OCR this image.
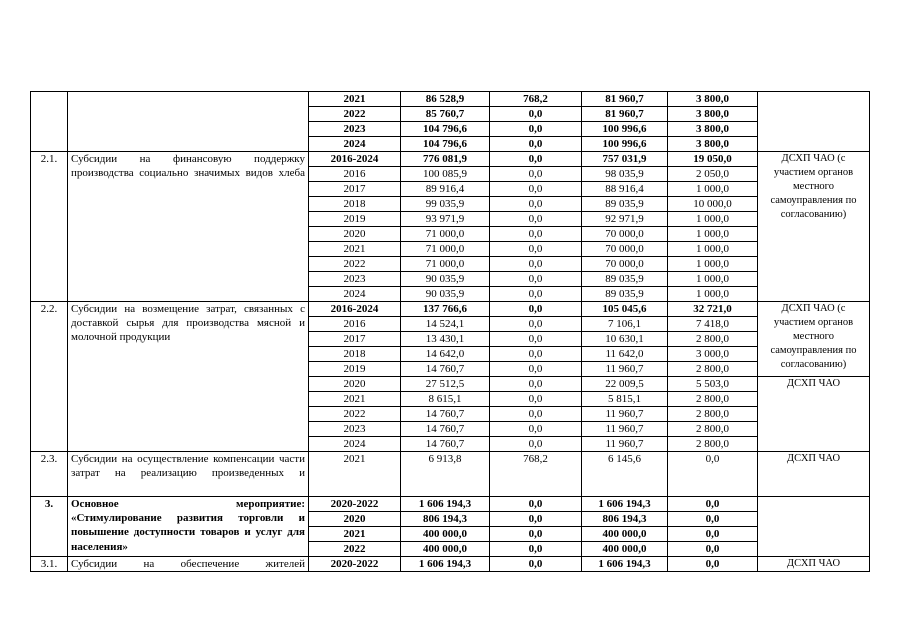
		2021	86 528,9	768,2	81 960,7	3 800,0	
		2022	85 760,7	0,0	81 960,7	3 800,0	
		2023	104 796,6	0,0	100 996,6	3 800,0	
		2024	104 796,6	0,0	100 996,6	3 800,0	
2.1.	Субсидии на финансовую поддержку производства социально значимых видов хлеба	2016-2024	776 081,9	0,0	757 031,9	19 050,0	ДСХП ЧАО (с участием органов местного самоуправления по согласованию)
		2016	100 085,9	0,0	98 035,9	2 050,0	
		2017	89 916,4	0,0	88 916,4	1 000,0	
		2018	99 035,9	0,0	89 035,9	10 000,0	
		2019	93 971,9	0,0	92 971,9	1 000,0	
		2020	71 000,0	0,0	70 000,0	1 000,0	
		2021	71 000,0	0,0	70 000,0	1 000,0	
		2022	71 000,0	0,0	70 000,0	1 000,0	
		2023	90 035,9	0,0	89 035,9	1 000,0	
		2024	90 035,9	0,0	89 035,9	1 000,0	
2.2.	Субсидии на возмещение затрат, связанных с доставкой сырья для производства мясной и молочной продукции	2016-2024	137 766,6	0,0	105 045,6	32 721,0	ДСХП ЧАО (с участием органов местного самоуправления по согласованию)
		2016	14 524,1	0,0	7 106,1	7 418,0	
		2017	13 430,1	0,0	10 630,1	2 800,0	
		2018	14 642,0	0,0	11 642,0	3 000,0	
		2019	14 760,7	0,0	11 960,7	2 800,0	
		2020	27 512,5	0,0	22 009,5	5 503,0	ДСХП ЧАО
		2021	8 615,1	0,0	5 815,1	2 800,0	
		2022	14 760,7	0,0	11 960,7	2 800,0	
		2023	14 760,7	0,0	11 960,7	2 800,0	
		2024	14 760,7	0,0	11 960,7	2 800,0	
2.3.	Субсидии на осуществление компенсации части затрат на реализацию произведенных и	2021	6 913,8	768,2	6 145,6	0,0	ДСХП ЧАО
3.	Основное мероприятие:
«Стимулирование развития торговли и повышение доступности товаров и услуг для населения»	2020-2022	1 606 194,3	0,0	1 606 194,3	0,0	
		2020	806 194,3	0,0	806 194,3	0,0	
		2021	400 000,0	0,0	400 000,0	0,0	
		2022	400 000,0	0,0	400 000,0	0,0	
3.1.	Субсидии на обеспечение жителей	2020-2022	1 606 194,3	0,0	1 606 194,3	0,0	ДСХП ЧАО
